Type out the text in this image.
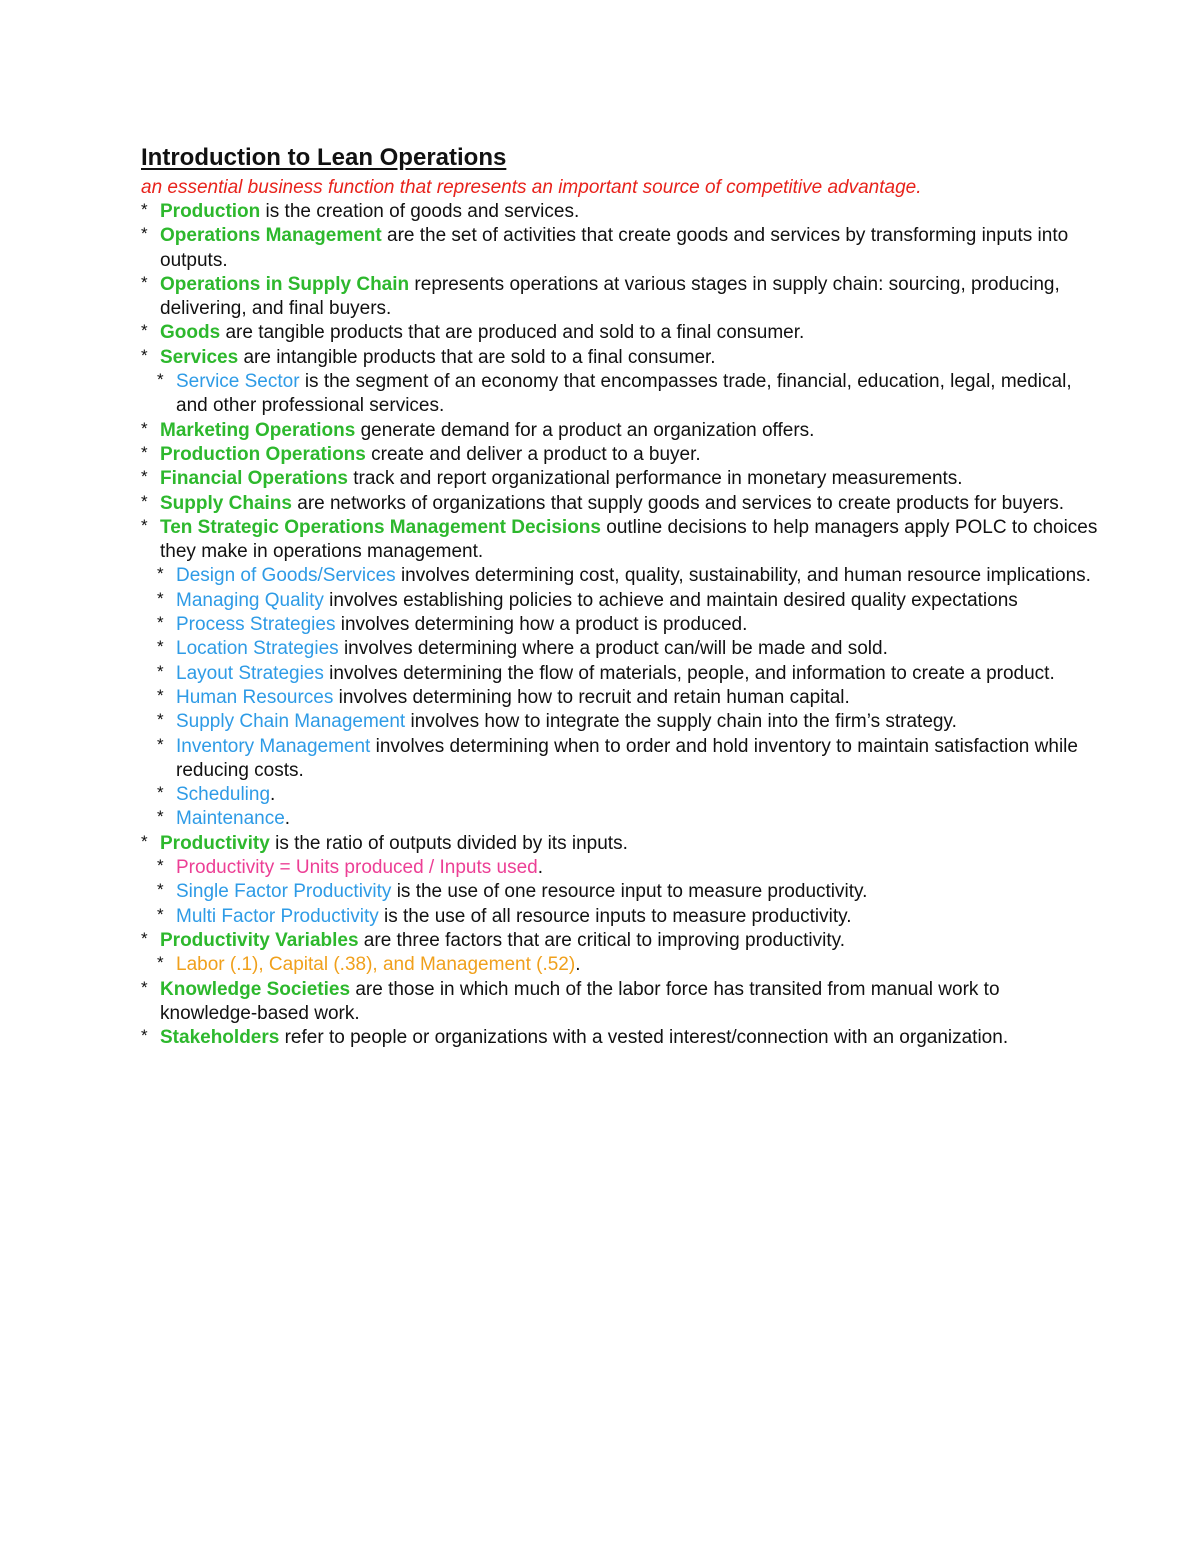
Introduction to Lean Operations
an essential business function that represents an important source of competitive advantage.
* Production is the creation of goods and services.
* Operations Management are the set of activities that create goods and services by transforming inputs into outputs.
* Operations in Supply Chain represents operations at various stages in supply chain: sourcing, producing, delivering, and final buyers.
* Goods are tangible products that are produced and sold to a final consumer.
* Services are intangible products that are sold to a final consumer.
* Service Sector is the segment of an economy that encompasses trade, financial, education, legal, medical, and other professional services.
* Marketing Operations generate demand for a product an organization offers.
* Production Operations create and deliver a product to a buyer.
* Financial Operations track and report organizational performance in monetary measurements.
* Supply Chains are networks of organizations that supply goods and services to create products for buyers.
* Ten Strategic Operations Management Decisions outline decisions to help managers apply POLC to choices they make in operations management.
* Design of Goods/Services involves determining cost, quality, sustainability, and human resource implications.
* Managing Quality involves establishing policies to achieve and maintain desired quality expectations
* Process Strategies involves determining how a product is produced.
* Location Strategies involves determining where a product can/will be made and sold.
* Layout Strategies involves determining the flow of materials, people, and information to create a product.
* Human Resources involves determining how to recruit and retain human capital.
* Supply Chain Management involves how to integrate the supply chain into the firm’s strategy.
* Inventory Management involves determining when to order and hold inventory to maintain satisfaction while reducing costs.
* Scheduling.
* Maintenance.
* Productivity is the ratio of outputs divided by its inputs.
* Productivity = Units produced / Inputs used.
* Single Factor Productivity is the use of one resource input to measure productivity.
* Multi Factor Productivity is the use of all resource inputs to measure productivity.
* Productivity Variables are three factors that are critical to improving productivity.
* Labor (.1), Capital (.38), and Management (.52).
* Knowledge Societies are those in which much of the labor force has transited from manual work to knowledge-based work.
* Stakeholders refer to people or organizations with a vested interest/connection with an organization.
